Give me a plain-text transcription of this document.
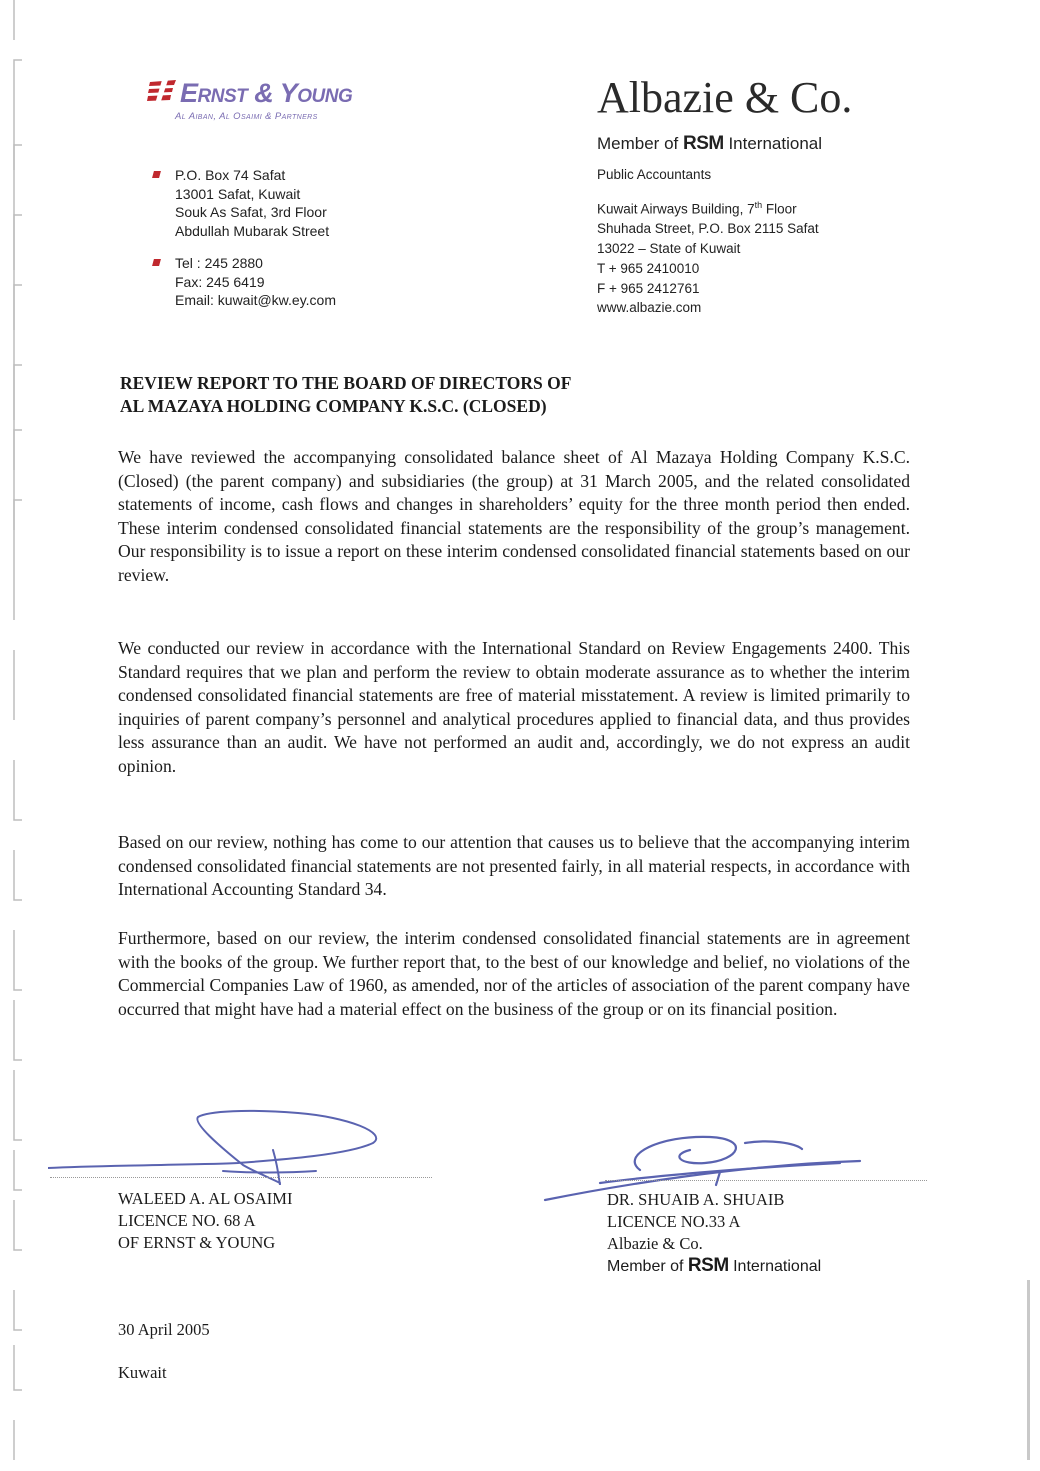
Ernst & Young
Al Aiban, Al Osaimi & Partners
P.O. Box 74 Safat
13001 Safat, Kuwait
Souk As Safat, 3rd Floor
Abdullah Mubarak Street
Tel : 245 2880
Fax: 245 6419
Email: kuwait@kw.ey.com
Albazie & Co.
Member of RSM International
Public Accountants
Kuwait Airways Building, 7th Floor
Shuhada Street, P.O. Box 2115 Safat
13022 – State of Kuwait
T + 965 2410010
F + 965 2412761
www.albazie.com
REVIEW REPORT TO THE BOARD OF DIRECTORS OF
AL MAZAYA HOLDING COMPANY K.S.C. (CLOSED)

We have reviewed the accompanying consolidated balance sheet of Al Mazaya Holding Company K.S.C. (Closed) (the parent company) and subsidiaries (the group) at 31 March 2005, and the related consolidated statements of income, cash flows and changes in shareholders’ equity for the three month period then ended. These interim condensed consolidated financial statements are the responsibility of the group’s management. Our responsibility is to issue a report on these interim condensed consolidated financial statements based on our review.

We conducted our review in accordance with the International Standard on Review Engagements 2400. This Standard requires that we plan and perform the review to obtain moderate assurance as to whether the interim condensed consolidated financial statements are free of material misstatement. A review is limited primarily to inquiries of parent company’s personnel and analytical procedures applied to financial data, and thus provides less assurance than an audit. We have not performed an audit and, accordingly, we do not express an audit opinion.

Based on our review, nothing has come to our attention that causes us to believe that the accompanying interim condensed consolidated financial statements are not presented fairly, in all material respects, in accordance with International Accounting Standard 34.

Furthermore, based on our review, the interim condensed consolidated financial statements are in agreement with the books of the group. We further report that, to the best of our knowledge and belief, no violations of the Commercial Companies Law of 1960, as amended, nor of the articles of association of the parent company have occurred that might have had a material effect on the business of the group or on its financial position.

WALEED A. AL OSAIMI
LICENCE NO. 68 A
OF ERNST & YOUNG
DR. SHUAIB A. SHUAIB
LICENCE NO.33 A
Albazie & Co.
Member of RSM International
30 April 2005
Kuwait
